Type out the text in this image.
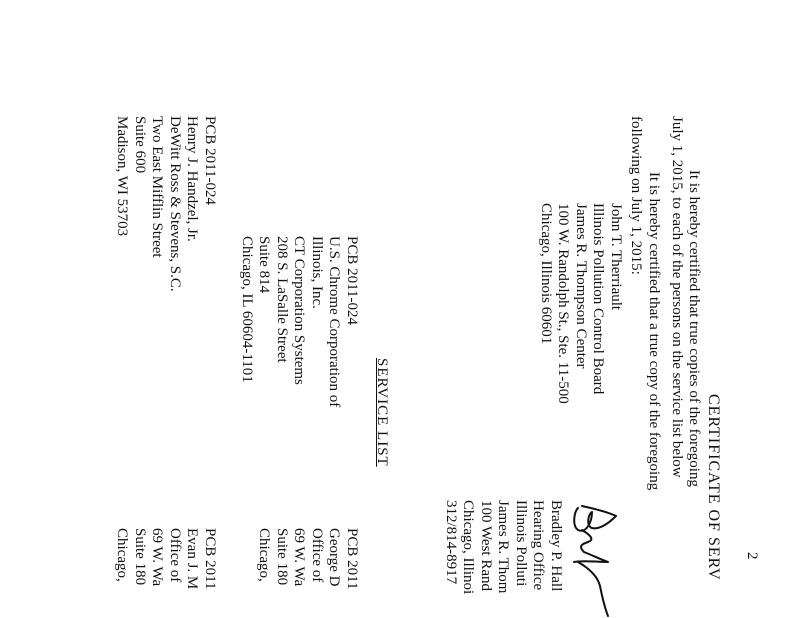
2
CERTIFICATE OF SERV
It is hereby certified that true copies of the foregoing
July 1, 2015, to each of the persons on the service list below
It is hereby certified that a true copy of the foregoing
following on July 1, 2015:
John T. Therriault
Illinois Pollution Control Board
James R. Thompson Center
100 W. Randolph St., Ste. 11-500
Chicago, Illinois 60601
Bradley P. Hall
Hearing Office
Illinois Polluti
James R. Thom
100 West Rand
Chicago, Illinoi
312/814-8917
SERVICE LIST
PCB 2011-024
U.S. Chrome Corporation of
Illinois, Inc.
CT Corporation Systems
208 S. LaSalle Street
Suite 814
Chicago, IL 60604-1101
PCB 2011
George D
Office of
69 W. Wa
Suite 180
Chicago,
PCB 2011-024
Henry J. Handzel, Jr.
DeWitt Ross & Stevens, S.C.
Two East Mifflin Street
Suite 600
Madison, WI 53703
PCB 2011
Evan J. M
Office of
69 W. Wa
Suite 180
Chicago,
